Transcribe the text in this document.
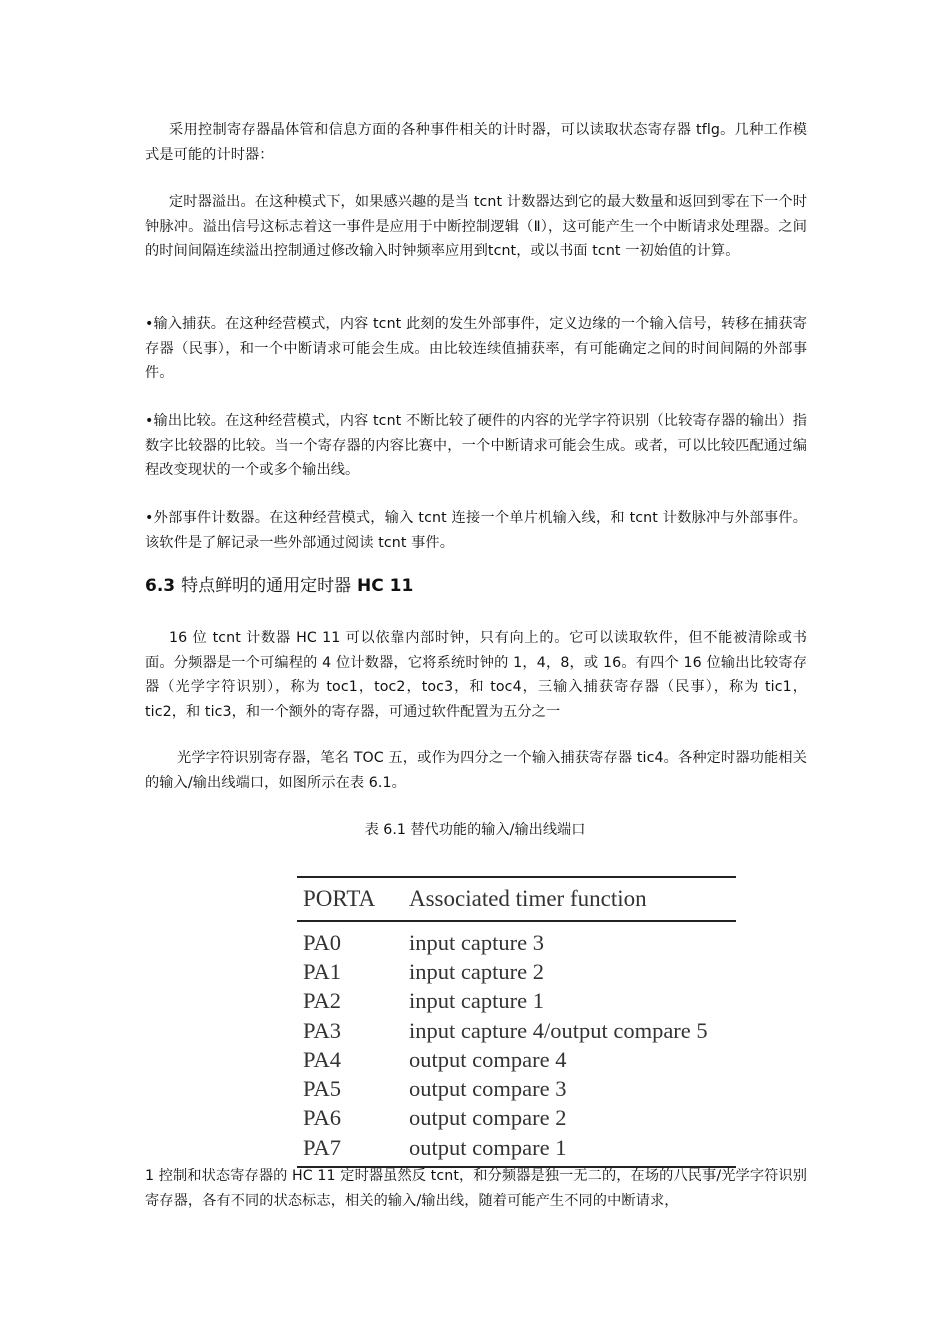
采用控制寄存器晶体管和信息方面的各种事件相关的计时器，可以读取状态寄存器 tflg。几种工作模式是可能的计时器：

定时器溢出。在这种模式下，如果感兴趣的是当 tcnt 计数器达到它的最大数量和返回到零在下一个时钟脉冲。溢出信号这标志着这一事件是应用于中断控制逻辑（Ⅱ），这可能产生一个中断请求处理器。之间的时间间隔连续溢出控制通过修改输入时钟频率应用到tcnt，或以书面 tcnt 一初始值的计算。

•输入捕获。在这种经营模式，内容 tcnt 此刻的发生外部事件，定义边缘的一个输入信号，转移在捕获寄存器（民事），和一个中断请求可能会生成。由比较连续值捕获率，有可能确定之间的时间间隔的外部事件。

•输出比较。在这种经营模式，内容 tcnt 不断比较了硬件的内容的光学字符识别（比较寄存器的输出）指数字比较器的比较。当一个寄存器的内容比赛中，一个中断请求可能会生成。或者，可以比较匹配通过编程改变现状的一个或多个输出线。

•外部事件计数器。在这种经营模式，输入 tcnt 连接一个单片机输入线，和 tcnt 计数脉冲与外部事件。该软件是了解记录一些外部通过阅读 tcnt 事件。

6.3 特点鲜明的通用定时器 HC 11

16 位 tcnt 计数器 HC 11 可以依靠内部时钟，只有向上的。它可以读取软件，但不能被清除或书面。分频器是一个可编程的 4 位计数器，它将系统时钟的 1，4，8，或 16。有四个 16 位输出比较寄存器（光学字符识别），称为 toc1，toc2，toc3，和 toc4，三输入捕获寄存器（民事），称为 tic1，tic2，和 tic3，和一个额外的寄存器，可通过软件配置为五分之一

光学字符识别寄存器，笔名 TOC 五，或作为四分之一个输入捕获寄存器 tic4。各种定时器功能相关的输入/输出线端口，如图所示在表 6.1。

表 6.1 替代功能的输入/输出线端口

PORTA	Associated timer function
PA0	input capture 3
PA1	input capture 2
PA2	input capture 1
PA3	input capture 4/output compare 5
PA4	output compare 4
PA5	output compare 3
PA6	output compare 2
PA7	output compare 1

1 控制和状态寄存器的 HC 11 定时器虽然反 tcnt，和分频器是独一无二的，在场的八民事/光学字符识别寄存器，各有不同的状态标志，相关的输入/输出线，随着可能产生不同的中断请求，
